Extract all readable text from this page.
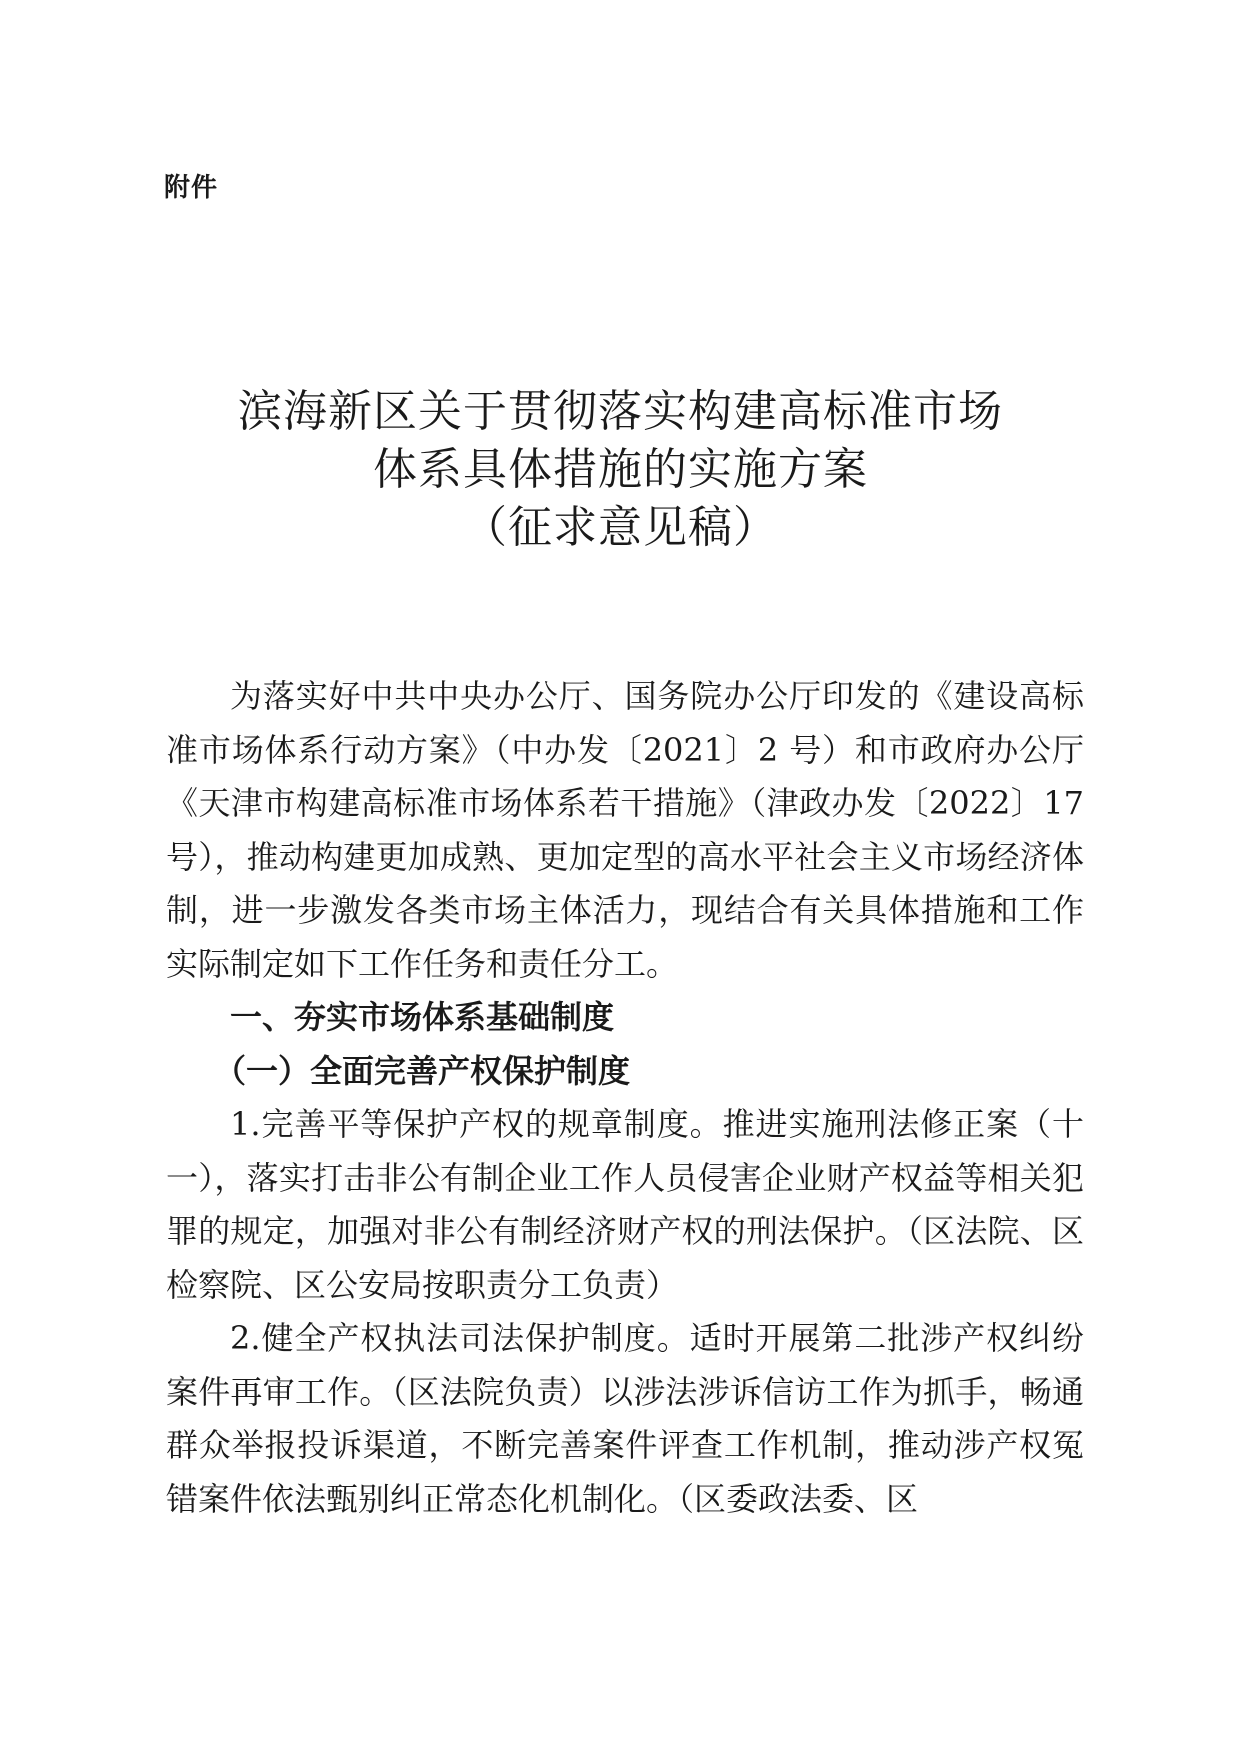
附件
滨海新区关于贯彻落实构建高标准市场
体系具体措施的实施方案
（征求意见稿）

为落实好中共中央办公厅、国务院办公厅印发的《建设高标准市场体系行动方案》（中办发〔2021〕2 号）和市政府办公厅《天津市构建高标准市场体系若干措施》（津政办发〔2022〕17 号），推动构建更加成熟、更加定型的高水平社会主义市场经济体制，进一步激发各类市场主体活力，现结合有关具体措施和工作实际制定如下工作任务和责任分工。

一、夯实市场体系基础制度

（一）全面完善产权保护制度

1.完善平等保护产权的规章制度。推进实施刑法修正案（十一），落实打击非公有制企业工作人员侵害企业财产权益等相关犯罪的规定，加强对非公有制经济财产权的刑法保护。（区法院、区检察院、区公安局按职责分工负责）

2.健全产权执法司法保护制度。适时开展第二批涉产权纠纷案件再审工作。（区法院负责）以涉法涉诉信访工作为抓手，畅通群众举报投诉渠道，不断完善案件评查工作机制，推动涉产权冤错案件依法甄别纠正常态化机制化。（区委政法委、区
